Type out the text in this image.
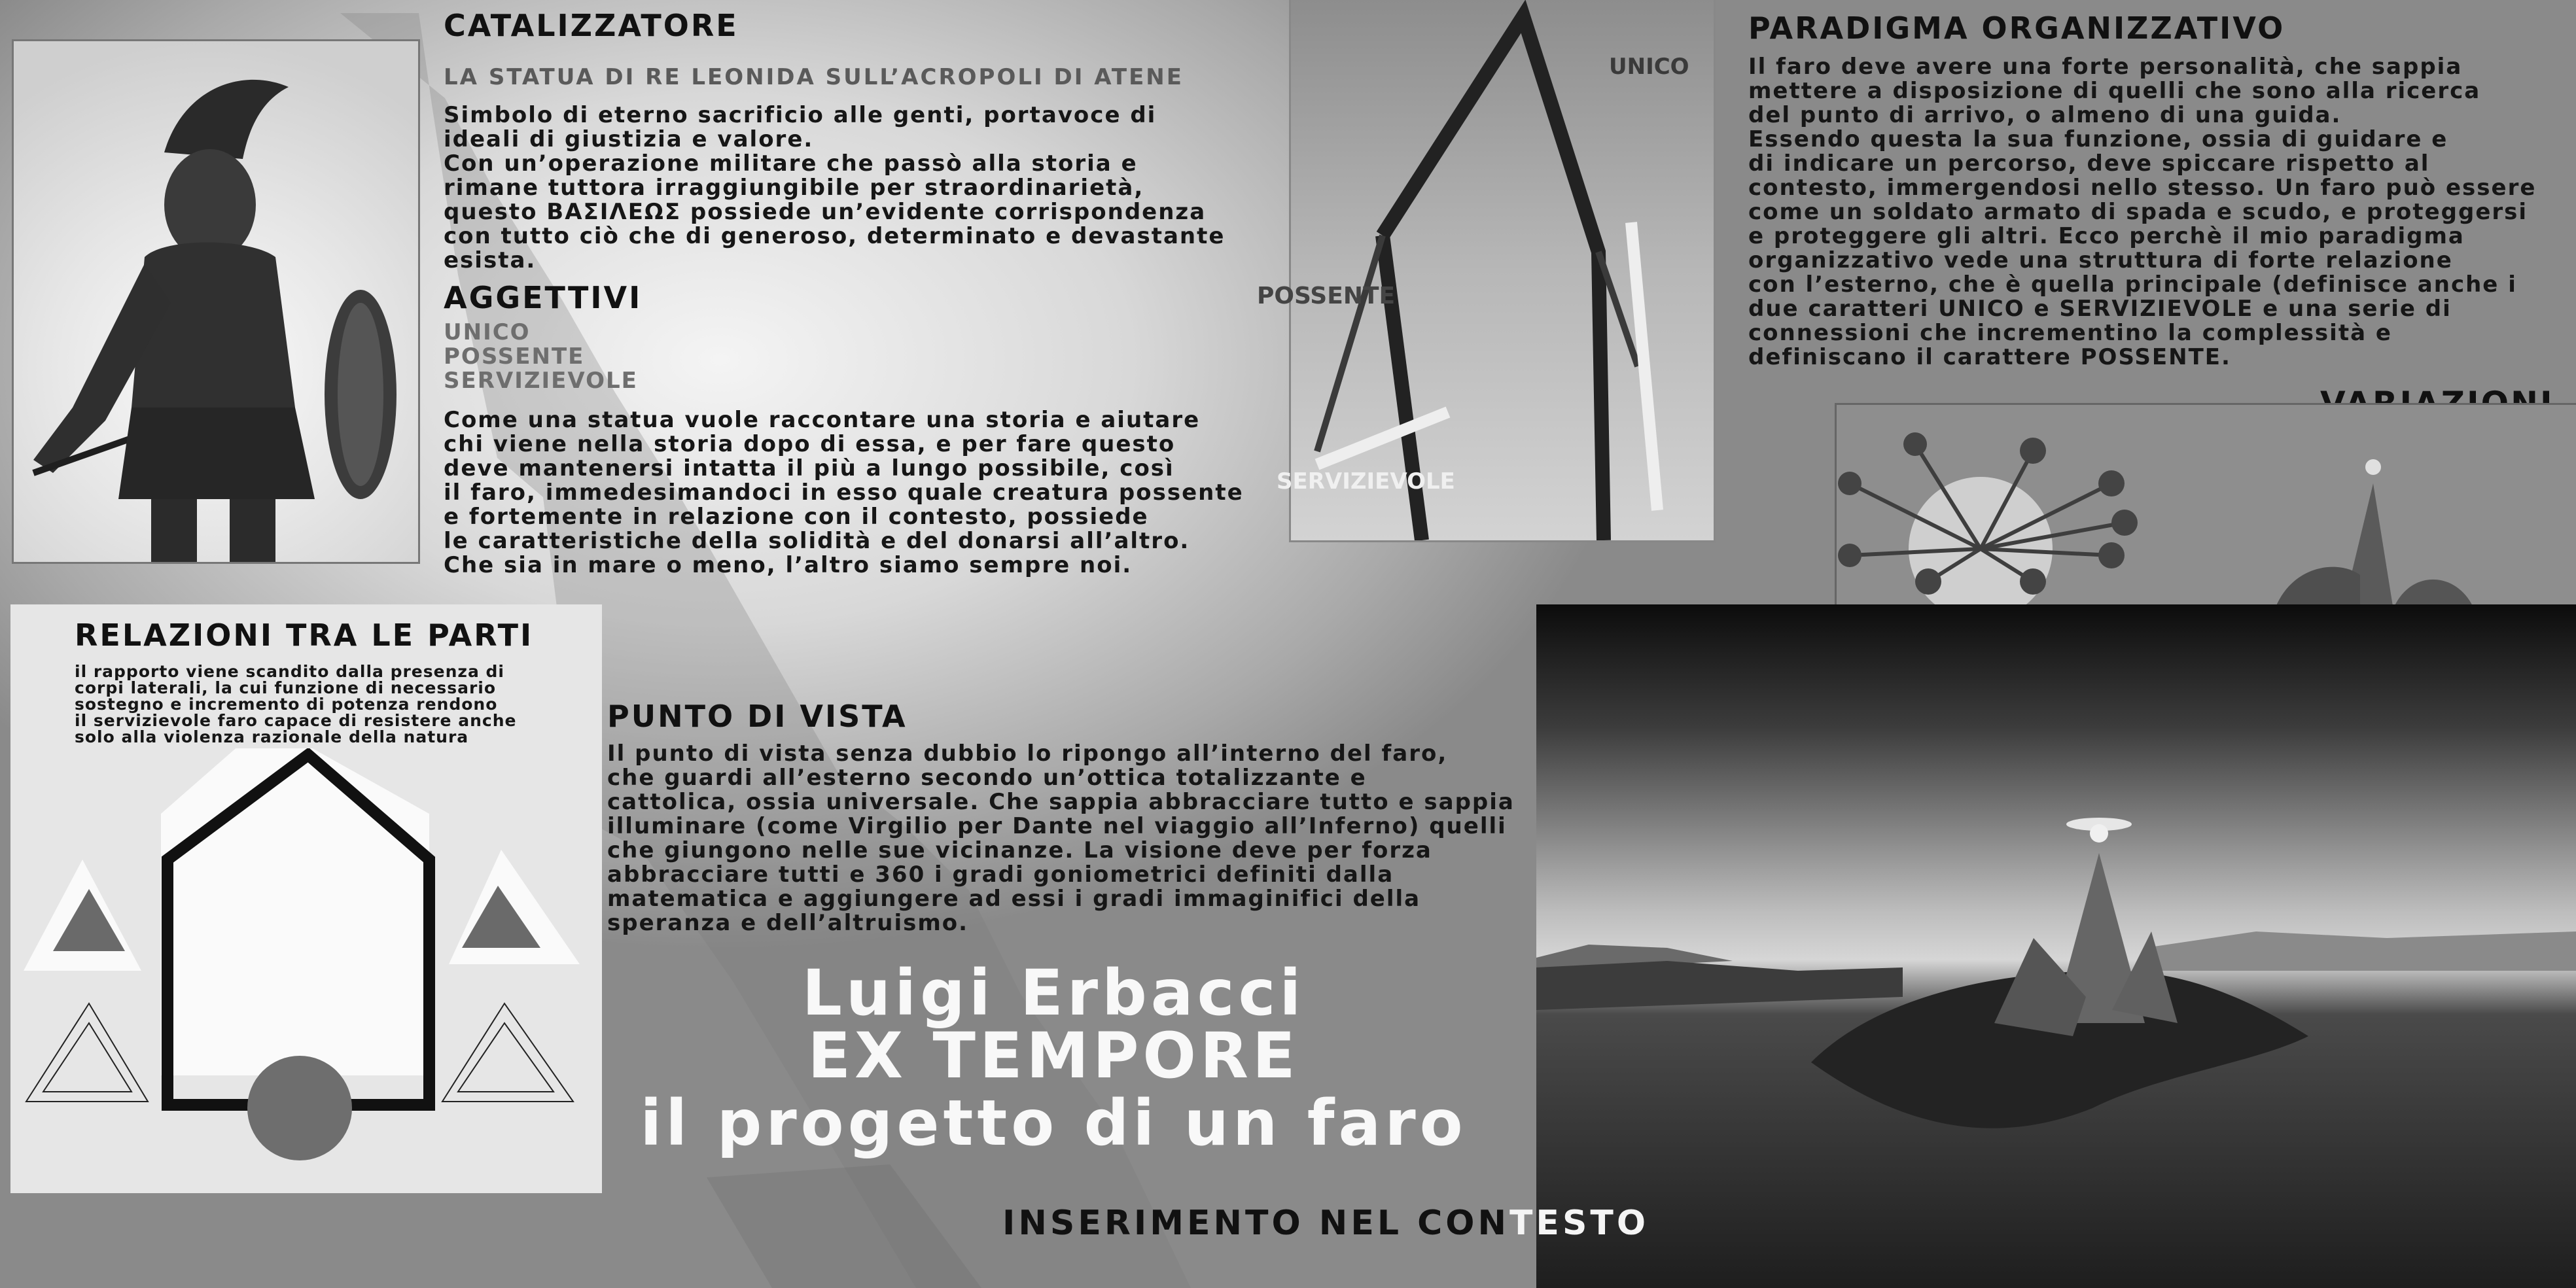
CATALIZZATORE
LA STATUA DI RE LEONIDA SULL’ACROPOLI DI ATENE

Simbolo di eterno sacrificio alle genti, portavoce di
ideali di giustizia e valore.
Con un’operazione militare che passò alla storia e
rimane tuttora irraggiungibile per straordinarietà,
questo ΒΑΣΙΛΕΩΣ possiede un’evidente corrispondenza
con tutto ciò che di generoso, determinato e devastante
esista.

AGGETTIVI
UNICO
POSSENTE
SERVIZIEVOLE

Come una statua vuole raccontare una storia e aiutare
chi viene nella storia dopo di essa, e per fare questo
deve mantenersi intatta il più a lungo possibile, così
il faro, immedesimandoci in esso quale creatura possente
e fortemente in relazione con il contesto, possiede
le caratteristiche della solidità e del donarsi all’altro.
Che sia in mare o meno, l’altro siamo sempre noi.

UNICO
POSSENTE
SERVIZIEVOLE
PARADIGMA ORGANIZZATIVO

Il faro deve avere una forte personalità, che sappia
mettere a disposizione di quelli che sono alla ricerca
del punto di arrivo, o almeno di una guida.
Essendo questa la sua funzione, ossia di guidare e
di indicare un percorso, deve spiccare rispetto al
contesto, immergendosi nello stesso. Un faro può essere
come un soldato armato di spada e scudo, e proteggersi
e proteggere gli altri. Ecco perchè il mio paradigma
organizzativo vede una struttura di forte relazione
con l’esterno, che è quella principale (definisce anche i
due caratteri UNICO e SERVIZIEVOLE e una serie di
connessioni che incrementino la complessità e
definiscano il carattere POSSENTE.

RELAZIONI TRA LE PARTI

il rapporto viene scandito dalla presenza di
corpi laterali, la cui funzione di necessario
sostegno e incremento di potenza rendono
il servizievole faro capace di resistere anche
solo alla violenza razionale della natura

PUNTO DI VISTA

Il punto di vista senza dubbio lo ripongo all’interno del faro,
che guardi all’esterno secondo un’ottica totalizzante e
cattolica, ossia universale. Che sappia abbracciare tutto e sappia
illuminare (come Virgilio per Dante nel viaggio all’Inferno) quelli
che giungono nelle sue vicinanze. La visione deve per forza
abbracciare tutti e 360 i gradi goniometrici definiti dalla
matematica e aggiungere ad essi i gradi immaginifici della
speranza e dell’altruismo.

Luigi Erbacci
EX TEMPORE
il progetto di un faro
INSERIMENTO NEL CONTESTO
